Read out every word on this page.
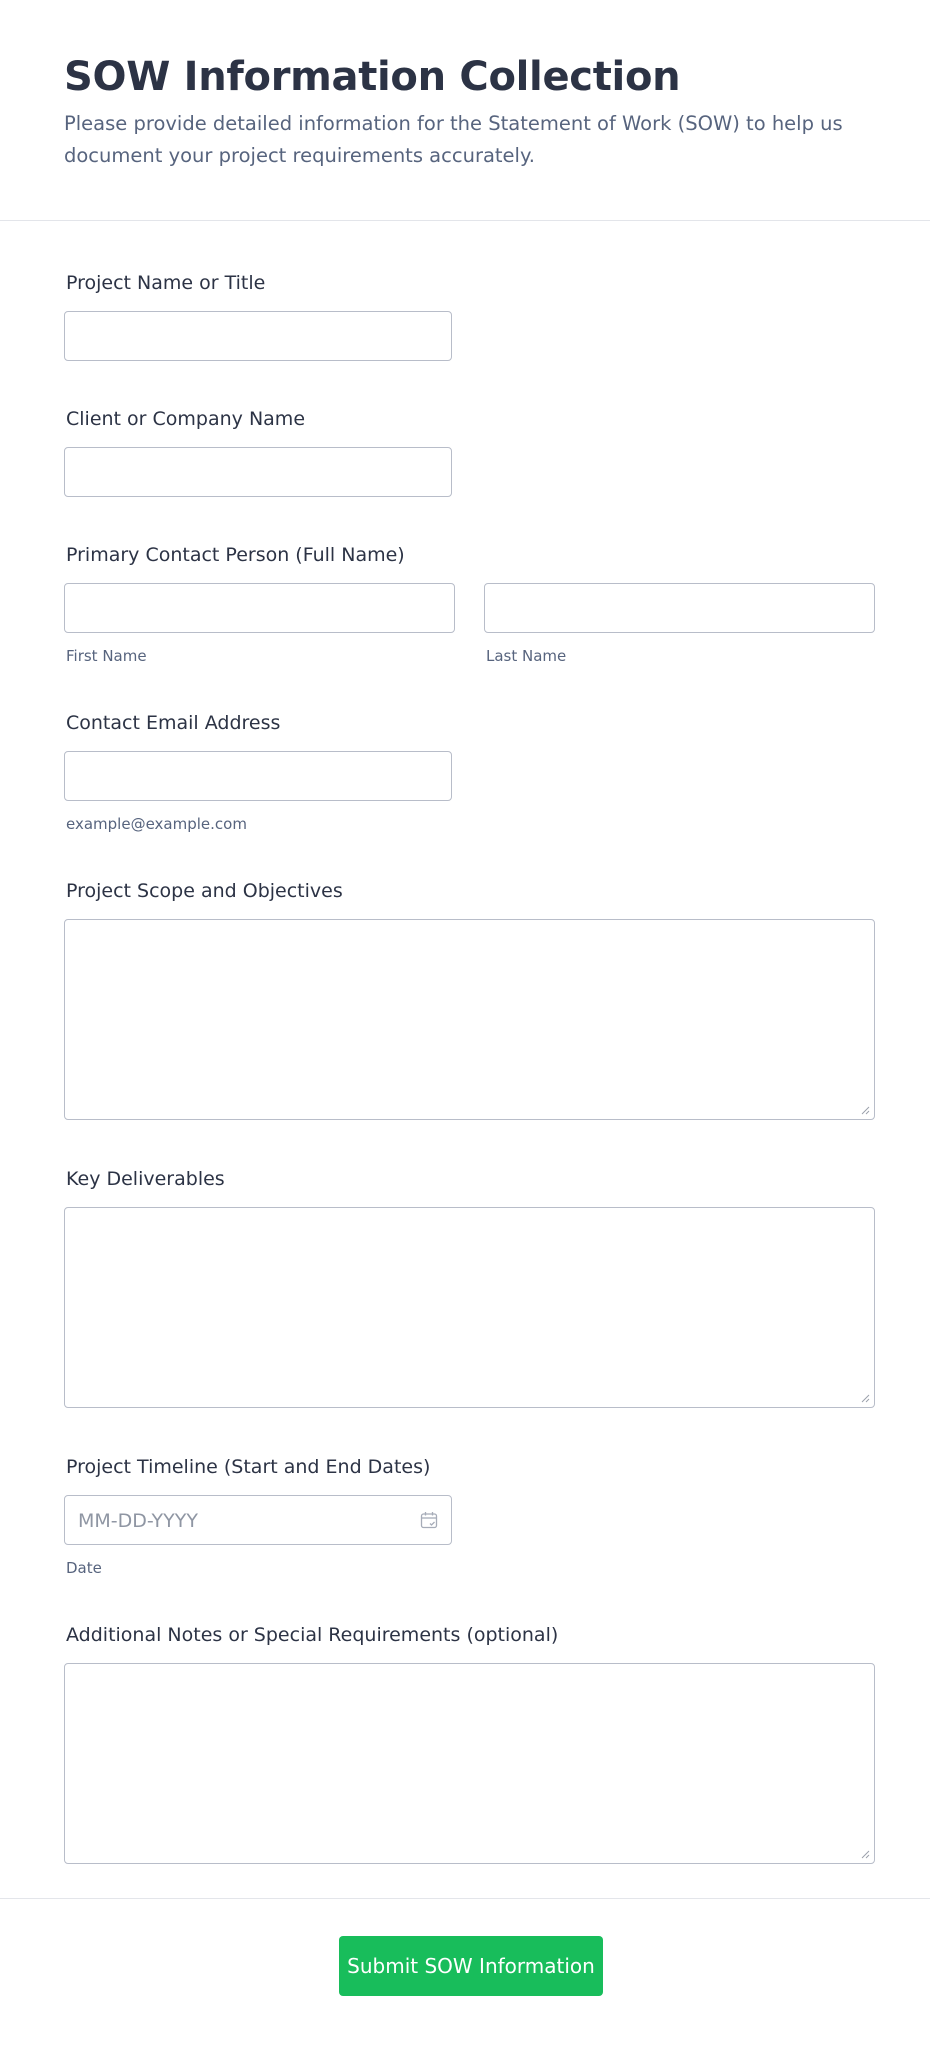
SOW Information Collection

Please provide detailed information for the Statement of Work (SOW) to help us document your project requirements accurately.

Project Name or Title
Client or Company Name
Primary Contact Person (Full Name)
First Name	Last Name
Contact Email Address
example@example.com
Project Scope and Objectives
Key Deliverables
Project Timeline (Start and End Dates)
MM-DD-YYYY
Date
Additional Notes or Special Requirements (optional)
Submit SOW Information
